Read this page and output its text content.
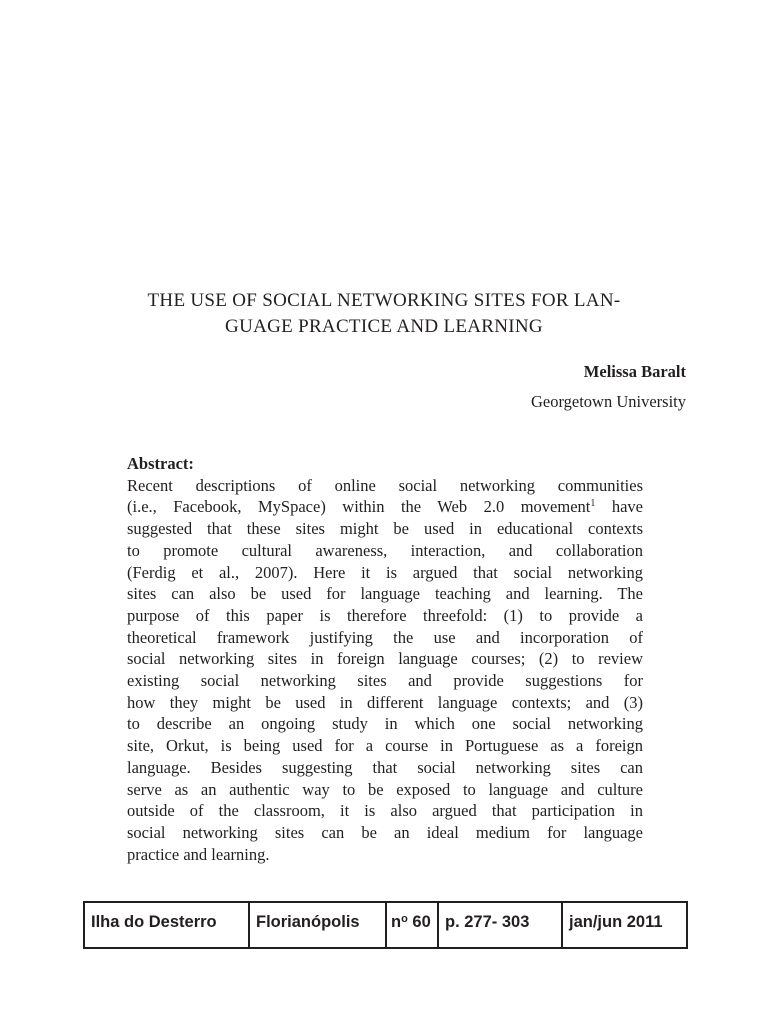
THE USE OF SOCIAL NETWORKING SITES FOR LAN-
GUAGE PRACTICE AND LEARNING
Melissa Baralt
Georgetown University
Abstract:
Recent descriptions of online social networking communities
(i.e., Facebook, MySpace) within the Web 2.0 movement$^1$ have
suggested that these sites might be used in educational contexts
to promote cultural awareness, interaction, and collaboration
(Ferdig et al., 2007). Here it is argued that social networking
sites can also be used for language teaching and learning. The
purpose of this paper is therefore threefold: (1) to provide a
theoretical framework justifying the use and incorporation of
social networking sites in foreign language courses; (2) to review
existing social networking sites and provide suggestions for
how they might be used in different language contexts; and (3)
to describe an ongoing study in which one social networking
site, Orkut, is being used for a course in Portuguese as a foreign
language. Besides suggesting that social networking sites can
serve as an authentic way to be exposed to language and culture
outside of the classroom, it is also argued that participation in
social networking sites can be an ideal medium for language
practice and learning.
Ilha do Desterro	Florianópolis	$n^o$ 60	p. 277- 303	jan/jun 2011
